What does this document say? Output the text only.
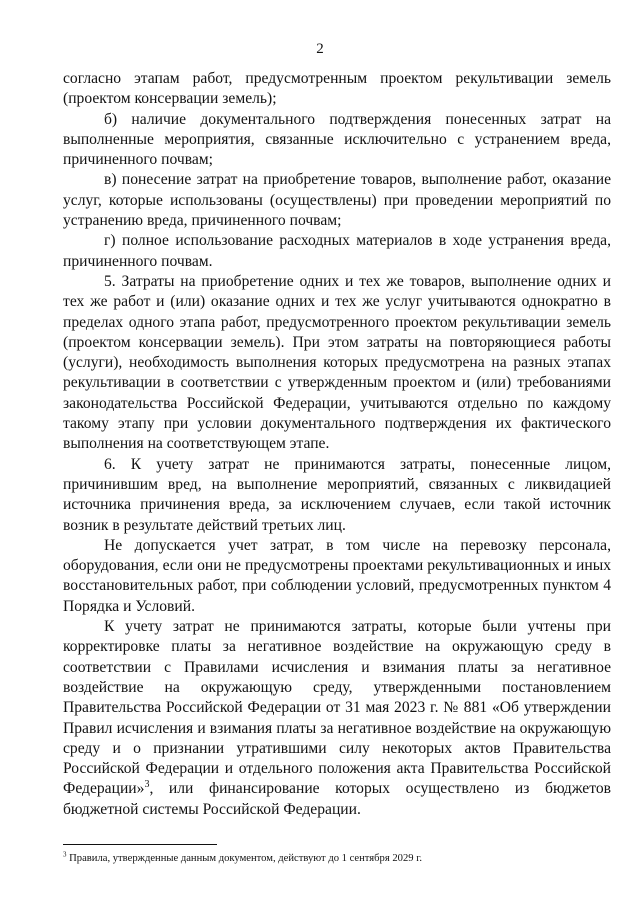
2

согласно этапам работ, предусмотренным проектом рекультивации земель (проектом консервации земель);

б) наличие документального подтверждения понесенных затрат на выполненные мероприятия, связанные исключительно с устранением вреда, причиненного почвам;

в) понесение затрат на приобретение товаров, выполнение работ, оказание услуг, которые использованы (осуществлены) при проведении мероприятий по устранению вреда, причиненного почвам;

г) полное использование расходных материалов в ходе устранения вреда, причиненного почвам.

5. Затраты на приобретение одних и тех же товаров, выполнение одних и тех же работ и (или) оказание одних и тех же услуг учитываются однократно в пределах одного этапа работ, предусмотренного проектом рекультивации земель (проектом консервации земель). При этом затраты на повторяющиеся работы (услуги), необходимость выполнения которых предусмотрена на разных этапах рекультивации в соответствии с утвержденным проектом и (или) требованиями законодательства Российской Федерации, учитываются отдельно по каждому такому этапу при условии документального подтверждения их фактического выполнения на соответствующем этапе.

6. К учету затрат не принимаются затраты, понесенные лицом, причинившим вред, на выполнение мероприятий, связанных с ликвидацией источника причинения вреда, за исключением случаев, если такой источник возник в результате действий третьих лиц.

Не допускается учет затрат, в том числе на перевозку персонала, оборудования, если они не предусмотрены проектами рекультивационных и иных восстановительных работ, при соблюдении условий, предусмотренных пунктом 4 Порядка и Условий.

К учету затрат не принимаются затраты, которые были учтены при корректировке платы за негативное воздействие на окружающую среду в соответствии с Правилами исчисления и взимания платы за негативное воздействие на окружающую среду, утвержденными постановлением Правительства Российской Федерации от 31 мая 2023 г. № 881 «Об утверждении Правил исчисления и взимания платы за негативное воздействие на окружающую среду и о признании утратившими силу некоторых актов Правительства Российской Федерации и отдельного положения акта Правительства Российской Федерации»$^3$, или финансирование которых осуществлено из бюджетов бюджетной системы Российской Федерации.

$^3$ Правила, утвержденные данным документом, действуют до 1 сентября 2029 г.
